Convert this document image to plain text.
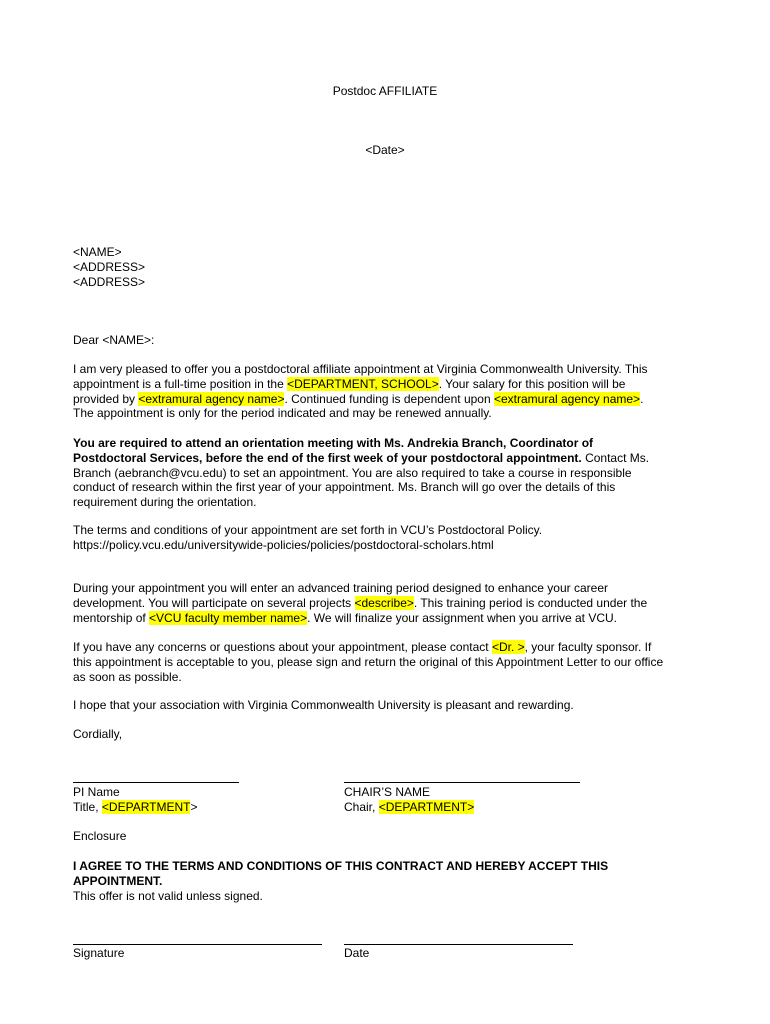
Postdoc AFFILIATE
<Date>
<NAME>
<ADDRESS>
<ADDRESS>
Dear <NAME>:
I am very pleased to offer you a postdoctoral affiliate appointment at Virginia Commonwealth University. This
appointment is a full-time position in the <DEPARTMENT, SCHOOL>. Your salary for this position will be
provided by <extramural agency name>. Continued funding is dependent upon <extramural agency name>.
The appointment is only for the period indicated and may be renewed annually.
You are required to attend an orientation meeting with Ms. Andrekia Branch, Coordinator of
Postdoctoral Services, before the end of the first week of your postdoctoral appointment. Contact Ms.
Branch (aebranch@vcu.edu) to set an appointment. You are also required to take a course in responsible
conduct of research within the first year of your appointment. Ms. Branch will go over the details of this
requirement during the orientation.
The terms and conditions of your appointment are set forth in VCU’s Postdoctoral Policy.
https://policy.vcu.edu/universitywide-policies/policies/postdoctoral-scholars.html
During your appointment you will enter an advanced training period designed to enhance your career
development. You will participate on several projects <describe>. This training period is conducted under the
mentorship of <VCU faculty member name>. We will finalize your assignment when you arrive at VCU.
If you have any concerns or questions about your appointment, please contact <Dr. >, your faculty sponsor. If
this appointment is acceptable to you, please sign and return the original of this Appointment Letter to our office
as soon as possible.
I hope that your association with Virginia Commonwealth University is pleasant and rewarding.
Cordially,
PI Name
Title, <DEPARTMENT>
CHAIR’S NAME
Chair, <DEPARTMENT>
Enclosure
I AGREE TO THE TERMS AND CONDITIONS OF THIS CONTRACT AND HEREBY ACCEPT THIS
APPOINTMENT.
This offer is not valid unless signed.
Signature	Date
